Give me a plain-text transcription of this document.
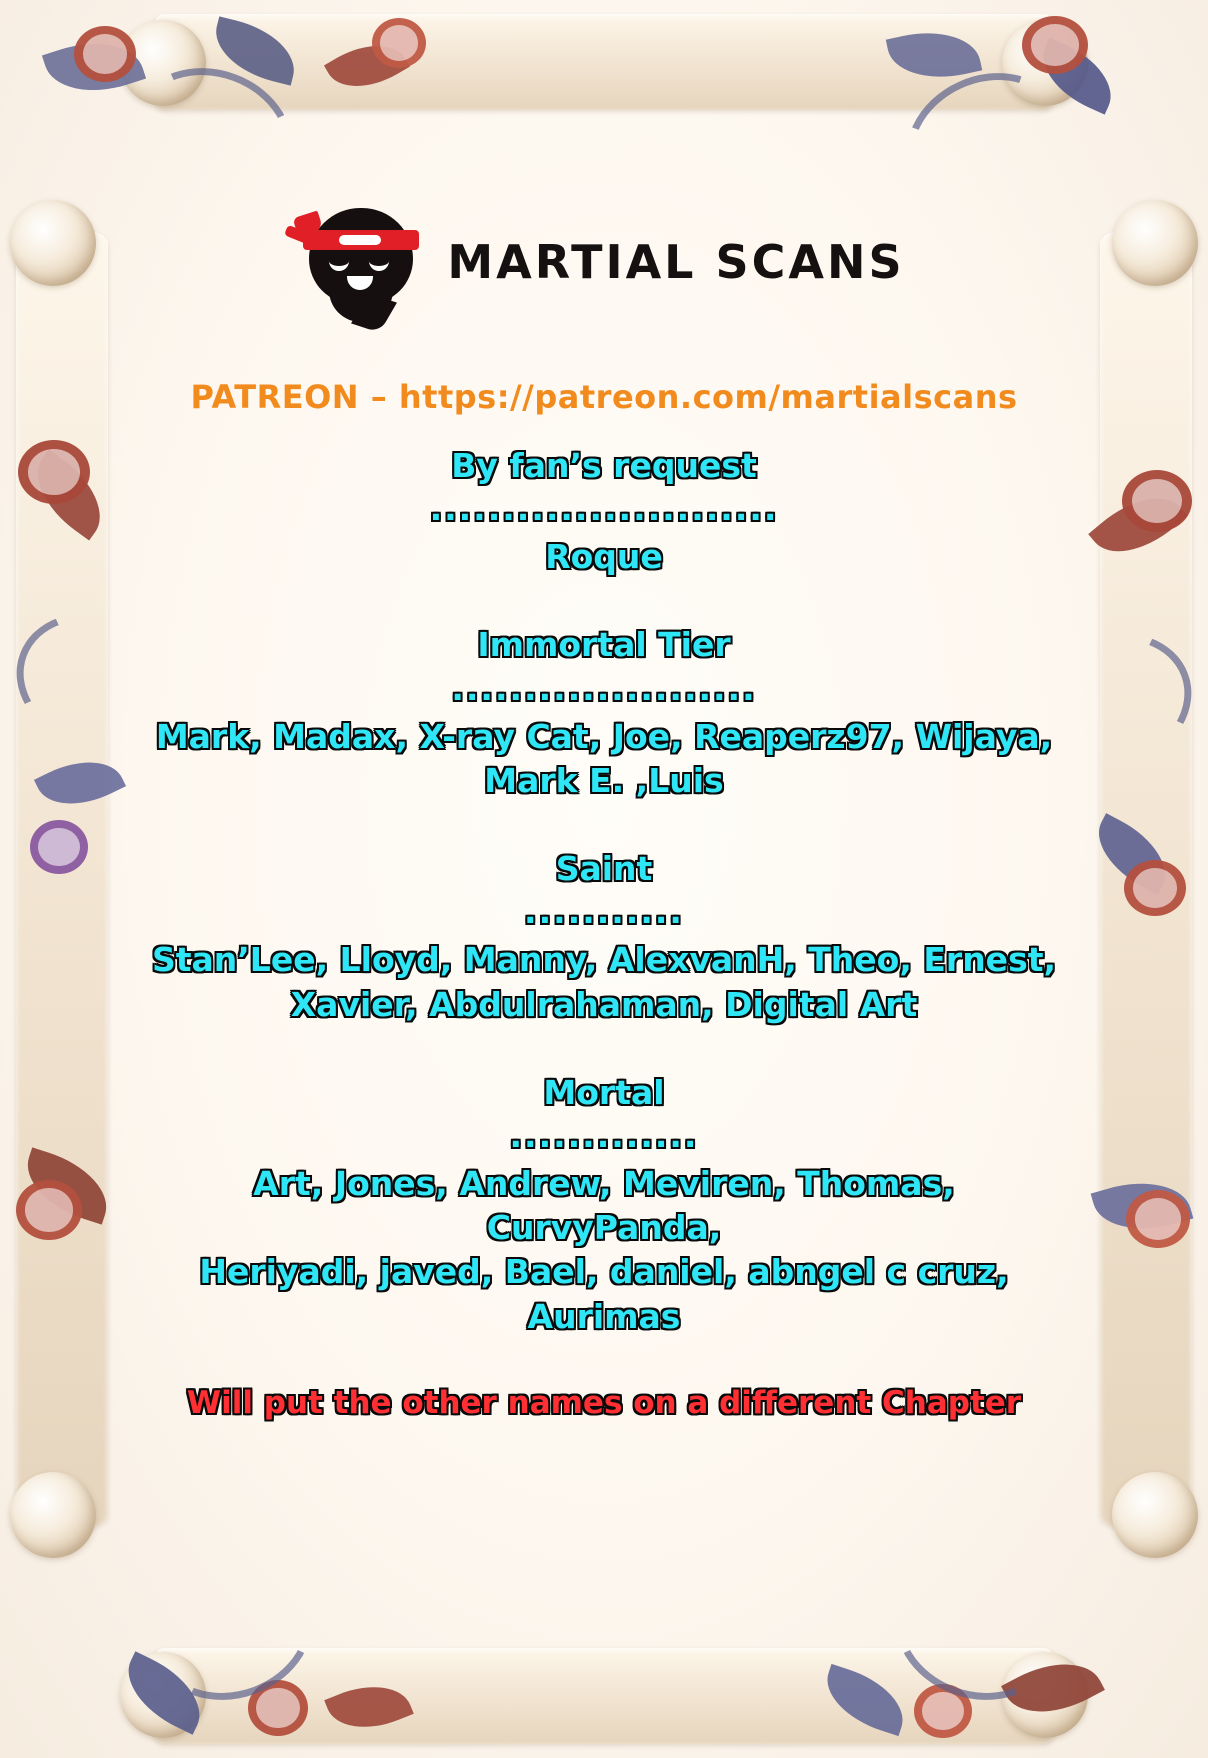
MARTIAL SCANS
PATREON – https://patreon.com/martialscans

By fan’s request

........................

Roque

Immortal Tier

.....................

Mark, Madax, X-ray Cat, Joe, Reaperz97, Wijaya,

Mark E. ,Luis

Saint

...........

Stan’Lee, Lloyd, Manny, AlexvanH, Theo, Ernest,

Xavier, Abdulrahaman, Digital Art

Mortal

.............

Art, Jones, Andrew, Meviren, Thomas, CurvyPanda,

Heriyadi, javed, Bael, daniel, abngel c cruz, Aurimas

Will put the other names on a different Chapter
